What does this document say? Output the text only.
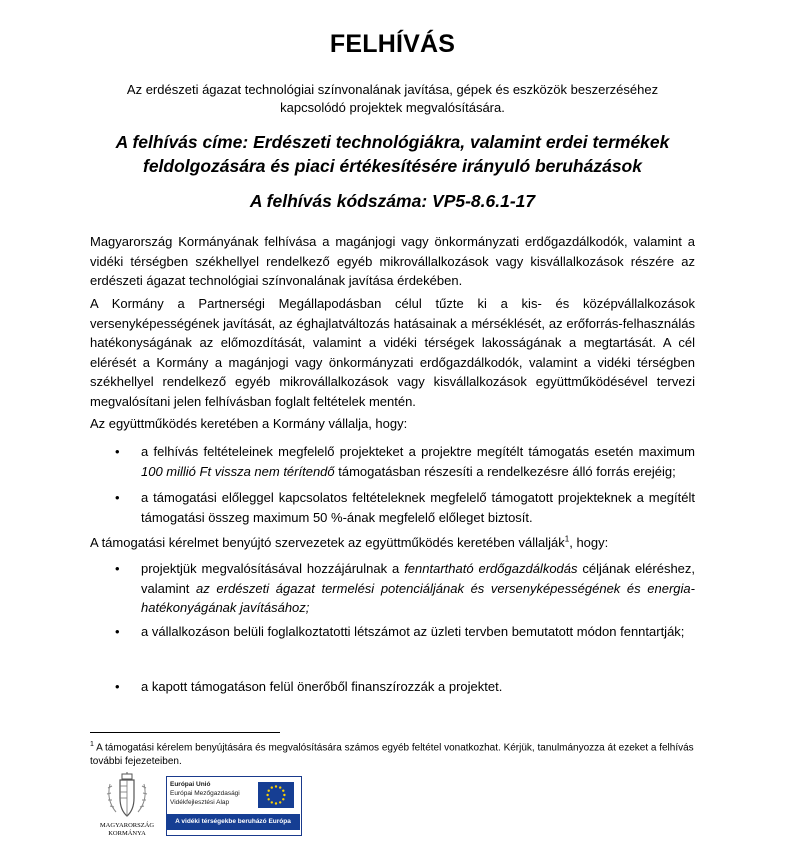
FELHÍVÁS
Az erdészeti ágazat technológiai színvonalának javítása, gépek és eszközök beszerzéséhez
kapcsolódó projektek megvalósítására.
A felhívás címe: Erdészeti technológiákra, valamint erdei termékek
feldolgozására és piaci értékesítésére irányuló beruházások
A felhívás kódszáma: VP5-8.6.1-17
Magyarország Kormányának felhívása a magánjogi vagy önkormányzati erdőgazdálkodók, valamint a vidéki térségben székhellyel rendelkező egyéb mikrovállalkozások vagy kisvállalkozások részére az erdészeti ágazat technológiai színvonalának javítása érdekében.
A Kormány a Partnerségi Megállapodásban célul tűzte ki a kis- és középvállalkozások versenyképességének javítását, az éghajlatváltozás hatásainak a mérséklését, az erőforrás-felhasználás hatékonyságának az előmozdítását, valamint a vidéki térségek lakosságának a megtartását. A cél elérését a Kormány a magánjogi vagy önkormányzati erdőgazdálkodók, valamint a vidéki térségben székhellyel rendelkező egyéb mikrovállalkozások vagy kisvállalkozások együttműködésével tervezi megvalósítani jelen felhívásban foglalt feltételek mentén.
Az együttműködés keretében a Kormány vállalja, hogy:
•	a felhívás feltételeinek megfelelő projekteket a projektre megítélt támogatás esetén maximum 100 millió Ft vissza nem térítendő támogatásban részesíti a rendelkezésre álló forrás erejéig;
•	a támogatási előleggel kapcsolatos feltételeknek megfelelő támogatott projekteknek a megítélt támogatási összeg maximum 50 %-ának megfelelő előleget biztosít.
A támogatási kérelmet benyújtó szervezetek az együttműködés keretében vállalják$^1$, hogy:
•	projektjük megvalósításával hozzájárulnak a fenntartható erdőgazdálkodás céljának eléréshez, valamint az erdészeti ágazat termelési potenciáljának és versenyképességének és energia-hatékonyágának javításához;
•	a vállalkozáson belüli foglalkoztatotti létszámot az üzleti tervben bemutatott módon fenntartják;
•	a kapott támogatáson felül önerőből finanszírozzák a projektet.
$^1$ A támogatási kérelem benyújtására és megvalósítására számos egyéb feltétel vonatkozhat. Kérjük, tanulmányozza át ezeket a felhívás további fejezeteiben.
MAGYARORSZÁG
KORMÁNYA
Európai Unió
Európai Mezőgazdasági
Vidékfejlesztési Alap
A vidéki térségekbe beruházó Európa
